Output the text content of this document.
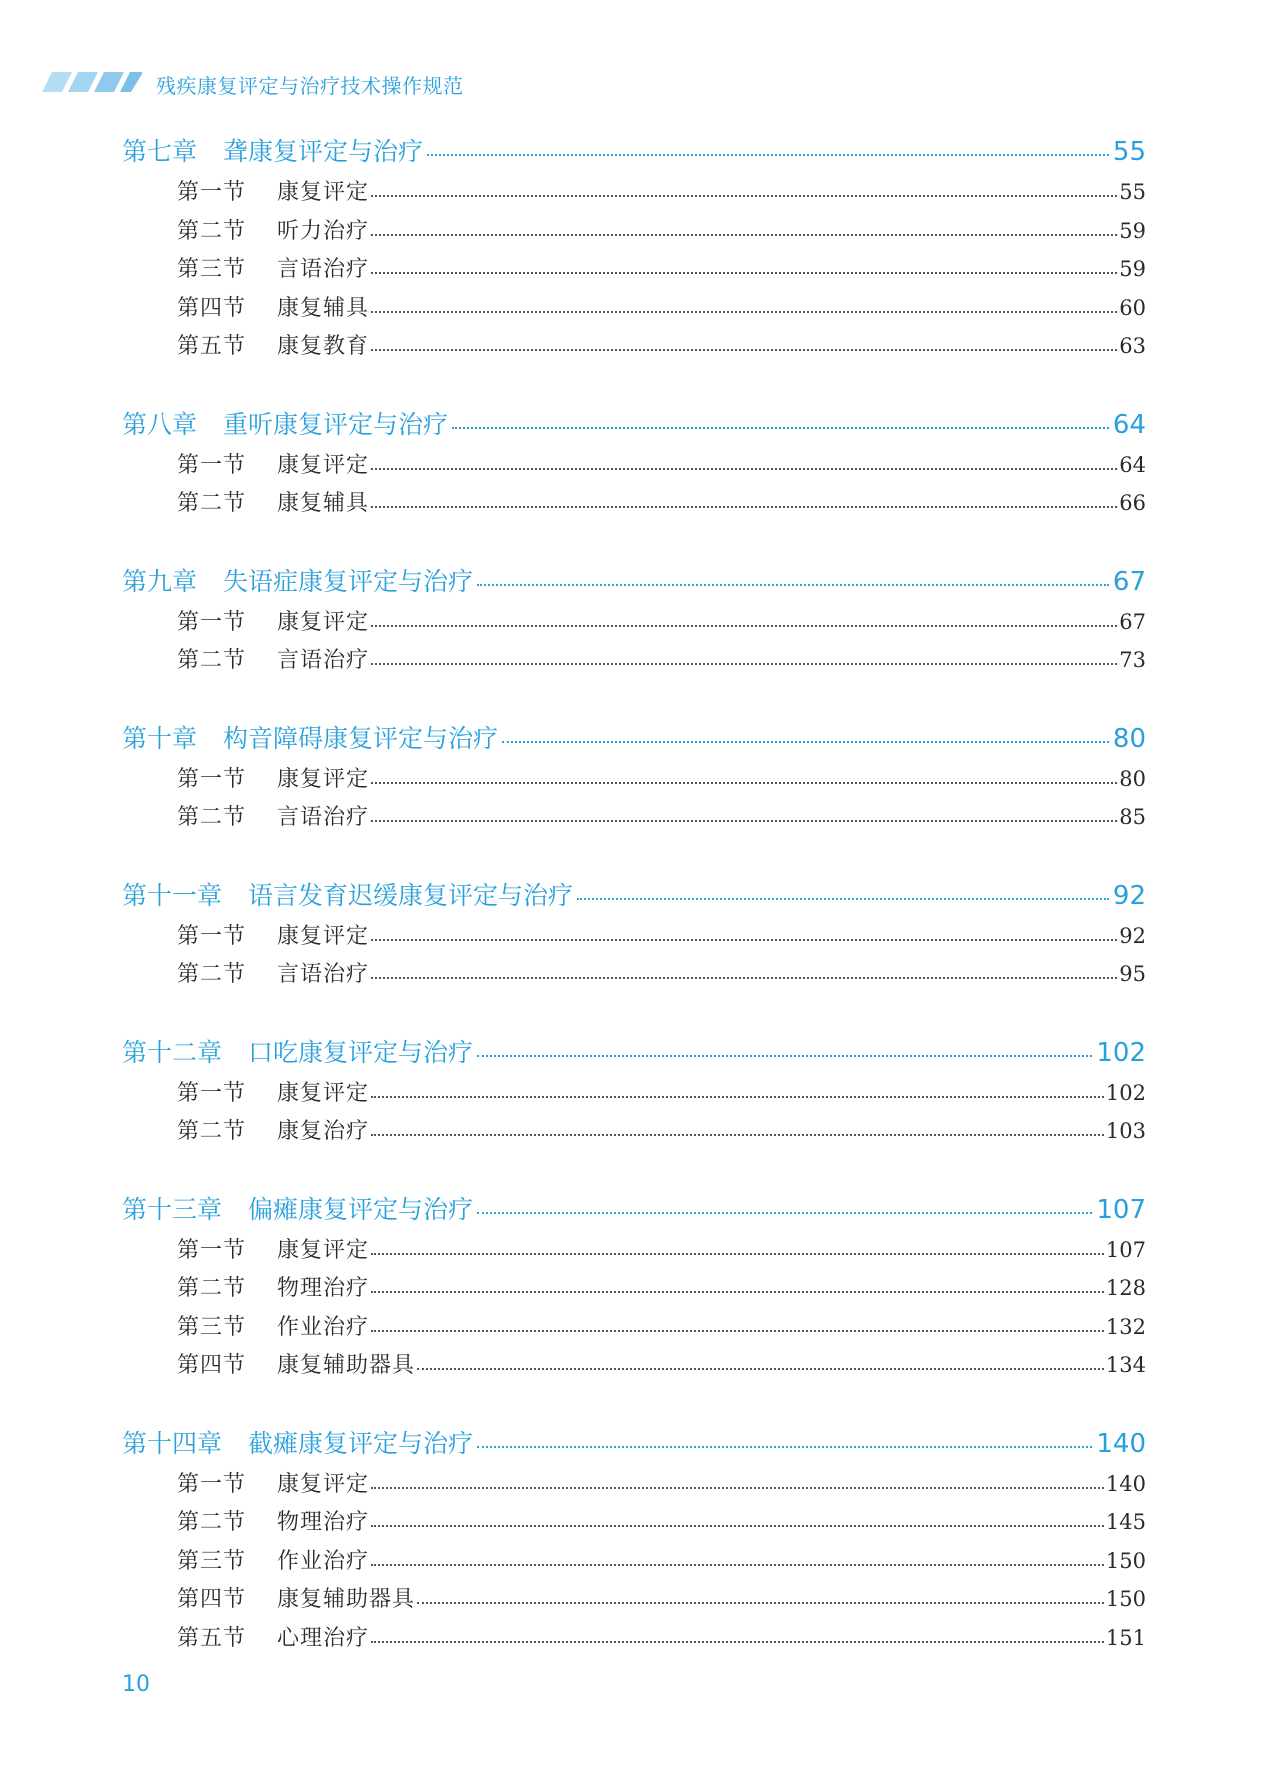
残疾康复评定与治疗技术操作规范
第七章 聋康复评定与治疗	55
第一节	康复评定	55
第二节	听力治疗	59
第三节	言语治疗	59
第四节	康复辅具	60
第五节	康复教育	63
第八章 重听康复评定与治疗	64
第一节	康复评定	64
第二节	康复辅具	66
第九章 失语症康复评定与治疗	67
第一节	康复评定	67
第二节	言语治疗	73
第十章 构音障碍康复评定与治疗	80
第一节	康复评定	80
第二节	言语治疗	85
第十一章 语言发育迟缓康复评定与治疗	92
第一节	康复评定	92
第二节	言语治疗	95
第十二章 口吃康复评定与治疗	102
第一节	康复评定	102
第二节	康复治疗	103
第十三章 偏瘫康复评定与治疗	107
第一节	康复评定	107
第二节	物理治疗	128
第三节	作业治疗	132
第四节	康复辅助器具	134
第十四章 截瘫康复评定与治疗	140
第一节	康复评定	140
第二节	物理治疗	145
第三节	作业治疗	150
第四节	康复辅助器具	150
第五节	心理治疗	151
10
